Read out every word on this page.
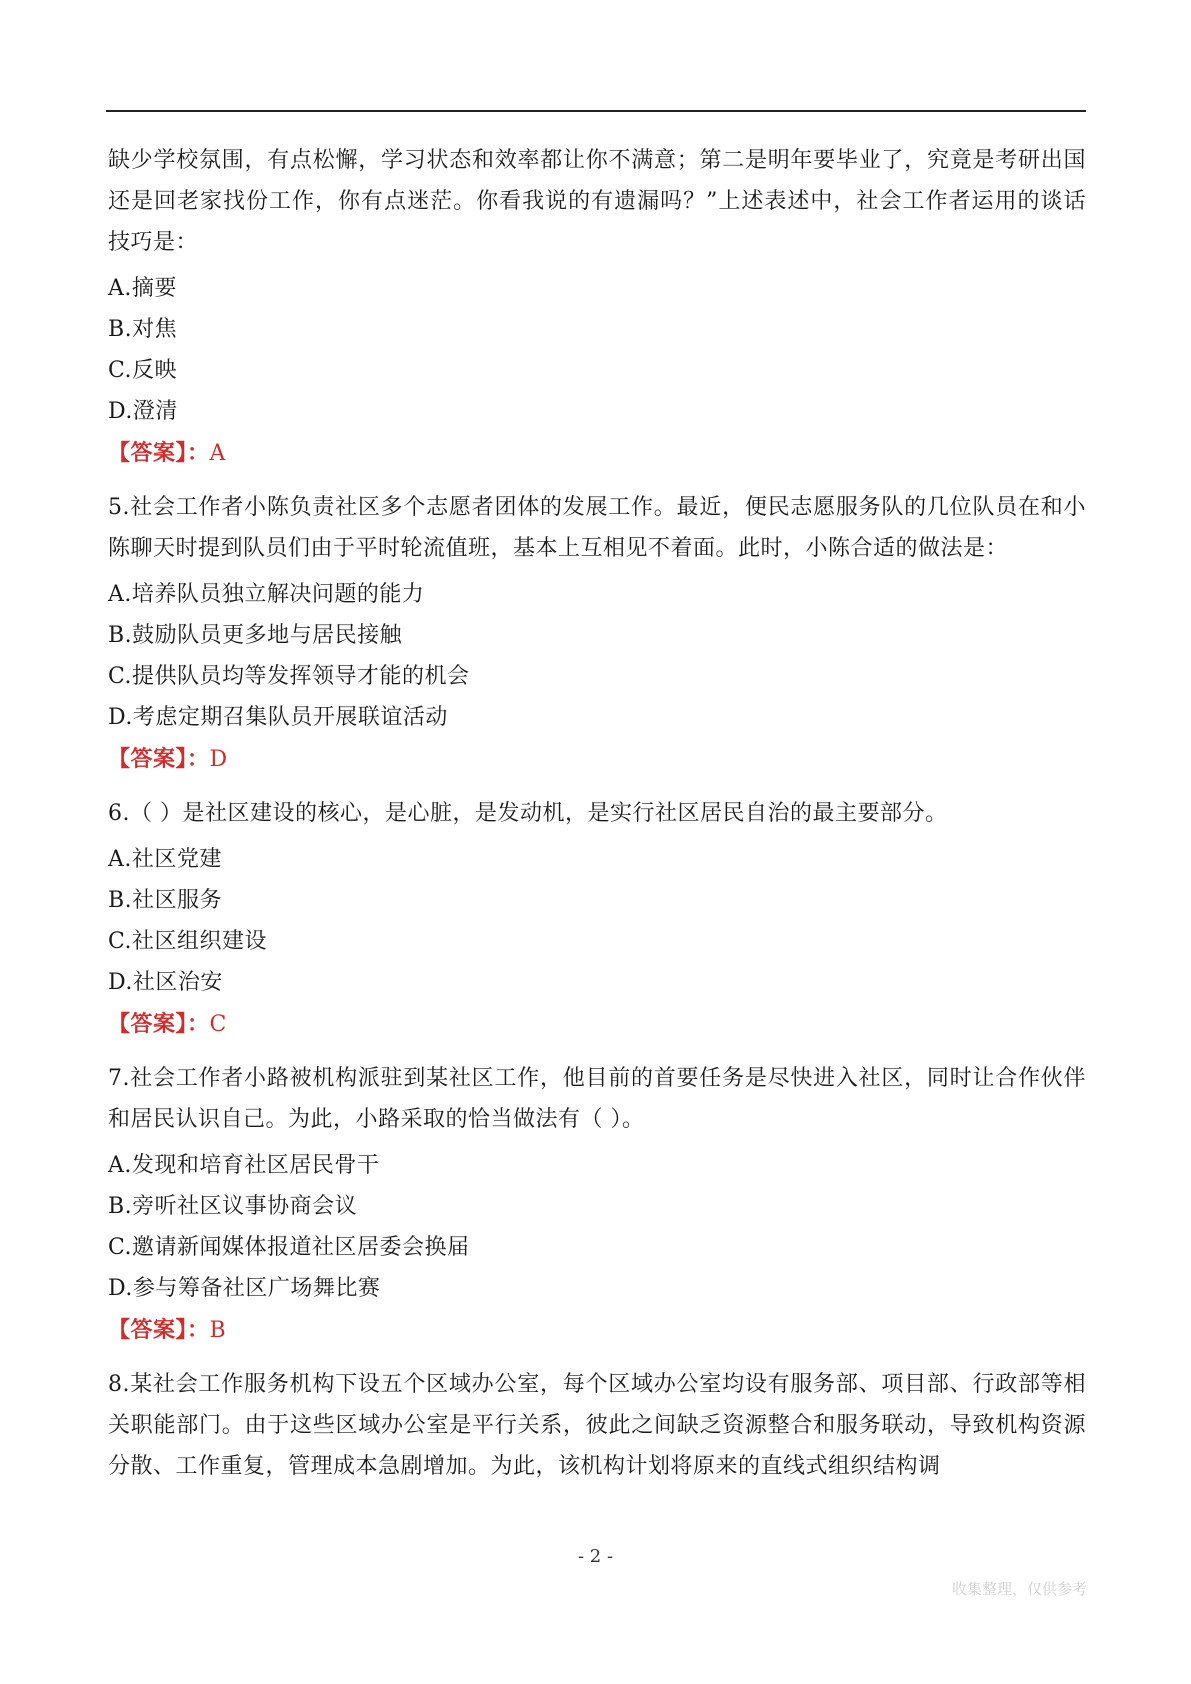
缺少学校氛围，有点松懈，学习状态和效率都让你不满意；第二是明年要毕业了，究竟是考研出国还是回老家找份工作，你有点迷茫。你看我说的有遗漏吗？”上述表述中，社会工作者运用的谈话技巧是：

A.摘要

B.对焦

C.反映

D.澄清

【答案】：A

5.社会工作者小陈负责社区多个志愿者团体的发展工作。最近，便民志愿服务队的几位队员在和小陈聊天时提到队员们由于平时轮流值班，基本上互相见不着面。此时，小陈合适的做法是：

A.培养队员独立解决问题的能力

B.鼓励队员更多地与居民接触

C.提供队员均等发挥领导才能的机会

D.考虑定期召集队员开展联谊活动

【答案】：D

6.（ ）是社区建设的核心，是心脏，是发动机，是实行社区居民自治的最主要部分。

A.社区党建

B.社区服务

C.社区组织建设

D.社区治安

【答案】：C

7.社会工作者小路被机构派驻到某社区工作，他目前的首要任务是尽快进入社区，同时让合作伙伴和居民认识自己。为此，小路采取的恰当做法有（ ）。

A.发现和培育社区居民骨干

B.旁听社区议事协商会议

C.邀请新闻媒体报道社区居委会换届

D.参与筹备社区广场舞比赛

【答案】：B

8.某社会工作服务机构下设五个区域办公室，每个区域办公室均设有服务部、项目部、行政部等相关职能部门。由于这些区域办公室是平行关系，彼此之间缺乏资源整合和服务联动，导致机构资源分散、工作重复，管理成本急剧增加。为此，该机构计划将原来的直线式组织结构调

- 2 -
收集整理，仅供参考
